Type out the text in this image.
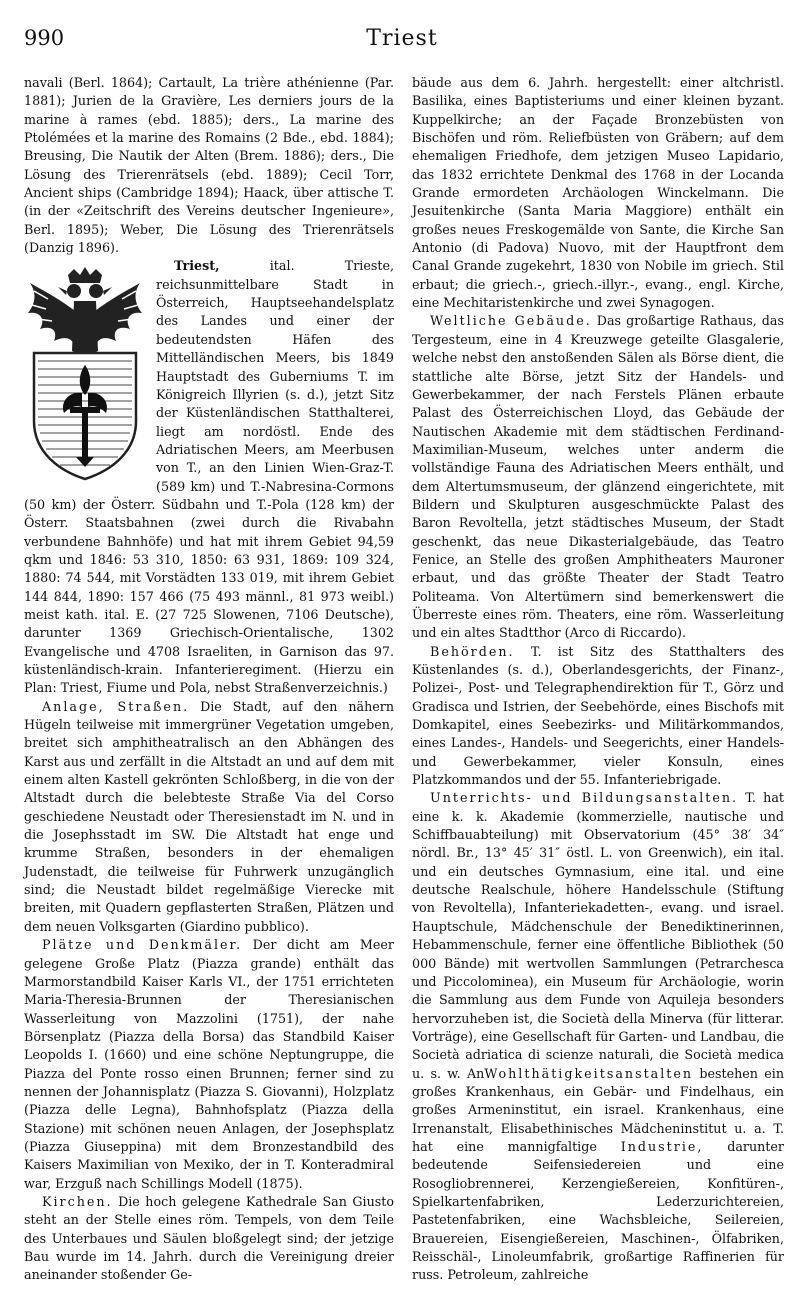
990	Triest

navali (Berl. 1864); Cartault, La trière athénienne (Par. 1881); Jurien de la Gravière, Les derniers jours de la marine à rames (ebd. 1885); ders., La marine des Ptolémées et la marine des Romains (2 Bde., ebd. 1884); Breusing, Die Nautik der Alten (Brem. 1886); ders., Die Lösung des Trierenrätsels (ebd. 1889); Cecil Torr, Ancient ships (Cambridge 1894); Haack, über attische T. (in der «Zeitschrift des Vereins deutscher Ingenieure», Berl. 1895); Weber, Die Lösung des Trierenrätsels (Danzig 1896).

Triest, ital. Trieste, reichsunmittelbare Stadt in Österreich, Hauptseehandelsplatz des Landes und einer der bedeutendsten Häfen des Mittelländischen Meers, bis 1849 Hauptstadt des Guberniums T. im Königreich Illyrien (s. d.), jetzt Sitz der Küstenländischen Statthalterei, liegt am nordöstl. Ende des Adriatischen Meers, am Meerbusen von T., an den Linien Wien-Graz-T. (589 km) und T.-Nabresina-Cormons (50 km) der Österr. Südbahn und T.-Pola (128 km) der Österr. Staatsbahnen (zwei durch die Rivabahn verbundene Bahnhöfe) und hat mit ihrem Gebiet 94,59 qkm und 1846: 53 310, 1850: 63 931, 1869: 109 324, 1880: 74 544, mit Vorstädten 133 019, mit ihrem Gebiet 144 844, 1890: 157 466 (75 493 männl., 81 973 weibl.) meist kath. ital. E. (27 725 Slowenen, 7106 Deutsche), darunter 1369 Griechisch-Orientalische, 1302 Evangelische und 4708 Israeliten, in Garnison das 97. küstenländisch-krain. Infanterieregiment. (Hierzu ein Plan: Triest, Fiume und Pola, nebst Straßenverzeichnis.)

Anlage, Straßen. Die Stadt, auf den nähern Hügeln teilweise mit immergrüner Vegetation umgeben, breitet sich amphitheatralisch an den Abhängen des Karst aus und zerfällt in die Altstadt an und auf dem mit einem alten Kastell gekrönten Schloßberg, in die von der Altstadt durch die belebteste Straße Via del Corso geschiedene Neustadt oder Theresienstadt im N. und in die Josephsstadt im SW. Die Altstadt hat enge und krumme Straßen, besonders in der ehemaligen Judenstadt, die teilweise für Fuhrwerk unzugänglich sind; die Neustadt bildet regelmäßige Vierecke mit breiten, mit Quadern gepflasterten Straßen, Plätzen und dem neuen Volksgarten (Giardino pubblico).

Plätze und Denkmäler. Der dicht am Meer gelegene Große Platz (Piazza grande) enthält das Marmorstandbild Kaiser Karls VI., der 1751 errichteten Maria-Theresia-Brunnen der Theresianischen Wasserleitung von Mazzolini (1751), der nahe Börsenplatz (Piazza della Borsa) das Standbild Kaiser Leopolds I. (1660) und eine schöne Neptungruppe, die Piazza del Ponte rosso einen Brunnen; ferner sind zu nennen der Johannisplatz (Piazza S. Giovanni), Holzplatz (Piazza delle Legna), Bahnhofsplatz (Piazza della Stazione) mit schönen neuen Anlagen, der Josephsplatz (Piazza Giuseppina) mit dem Bronzestandbild des Kaisers Maximilian von Mexiko, der in T. Konteradmiral war, Erzguß nach Schillings Modell (1875).

Kirchen. Die hoch gelegene Kathedrale San Giusto steht an der Stelle eines röm. Tempels, von dem Teile des Unterbaues und Säulen bloßgelegt sind; der jetzige Bau wurde im 14. Jahrh. durch die Vereinigung dreier aneinander stoßender Ge-

bäude aus dem 6. Jahrh. hergestellt: einer altchristl. Basilika, eines Baptisteriums und einer kleinen byzant. Kuppelkirche; an der Façade Bronzebüsten von Bischöfen und röm. Reliefbüsten von Gräbern; auf dem ehemaligen Friedhofe, dem jetzigen Museo Lapidario, das 1832 errichtete Denkmal des 1768 in der Locanda Grande ermordeten Archäologen Winckelmann. Die Jesuitenkirche (Santa Maria Maggiore) enthält ein großes neues Freskogemälde von Sante, die Kirche San Antonio (di Padova) Nuovo, mit der Hauptfront dem Canal Grande zugekehrt, 1830 von Nobile im griech. Stil erbaut; die griech.-, griech.-illyr.-, evang., engl. Kirche, eine Mechitaristenkirche und zwei Synagogen.

Weltliche Gebäude. Das großartige Rathaus, das Tergesteum, eine in 4 Kreuzwege geteilte Glasgalerie, welche nebst den anstoßenden Sälen als Börse dient, die stattliche alte Börse, jetzt Sitz der Handels- und Gewerbekammer, der nach Ferstels Plänen erbaute Palast des Österreichischen Lloyd, das Gebäude der Nautischen Akademie mit dem städtischen Ferdinand-Maximilian-Museum, welches unter anderm die vollständige Fauna des Adriatischen Meers enthält, und dem Altertumsmuseum, der glänzend eingerichtete, mit Bildern und Skulpturen ausgeschmückte Palast des Baron Revoltella, jetzt städtisches Museum, der Stadt geschenkt, das neue Dikasterialgebäude, das Teatro Fenice, an Stelle des großen Amphitheaters Mauroner erbaut, und das größte Theater der Stadt Teatro Politeama. Von Altertümern sind bemerkenswert die Überreste eines röm. Theaters, eine röm. Wasserleitung und ein altes Stadtthor (Arco di Riccardo).

Behörden. T. ist Sitz des Statthalters des Küstenlandes (s. d.), Oberlandesgerichts, der Finanz-, Polizei-, Post- und Telegraphendirektion für T., Görz und Gradisca und Istrien, der Seebehörde, eines Bischofs mit Domkapitel, eines Seebezirks- und Militärkommandos, eines Landes-, Handels- und Seegerichts, einer Handels- und Gewerbekammer, vieler Konsuln, eines Platzkommandos und der 55. Infanteriebrigade.

Unterrichts- und Bildungsanstalten. T. hat eine k. k. Akademie (kommerzielle, nautische und Schiffbauabteilung) mit Observatorium (45° 38′ 34″ nördl. Br., 13° 45′ 31″ östl. L. von Greenwich), ein ital. und ein deutsches Gymnasium, eine ital. und eine deutsche Realschule, höhere Handelsschule (Stiftung von Revoltella), Infanteriekadetten-, evang. und israel. Hauptschule, Mädchenschule der Benediktinerinnen, Hebammenschule, ferner eine öffentliche Bibliothek (50 000 Bände) mit wertvollen Sammlungen (Petrarchesca und Piccolominea), ein Museum für Archäologie, worin die Sammlung aus dem Funde von Aquileja besonders hervorzuheben ist, die Società della Minerva (für litterar. Vorträge), eine Gesellschaft für Garten- und Landbau, die Società adriatica di scienze naturali, die Società medica u. s. w. AnWohlthätigkeitsanstalten bestehen ein großes Krankenhaus, ein Gebär- und Findelhaus, ein großes Armeninstitut, ein israel. Krankenhaus, eine Irrenanstalt, Elisabethinisches Mädcheninstitut u. a. T. hat eine mannigfaltige Industrie, darunter bedeutende Seifensiedereien und eine Rosogliobrennerei, Kerzengießereien, Konfitüren-, Spielkartenfabriken, Lederzurichtereien, Pastetenfabriken, eine Wachsbleiche, Seilereien, Brauereien, Eisengießereien, Maschinen-, Ölfabriken, Reisschäl-, Linoleumfabrik, großartige Raffinerien für russ. Petroleum, zahlreiche
